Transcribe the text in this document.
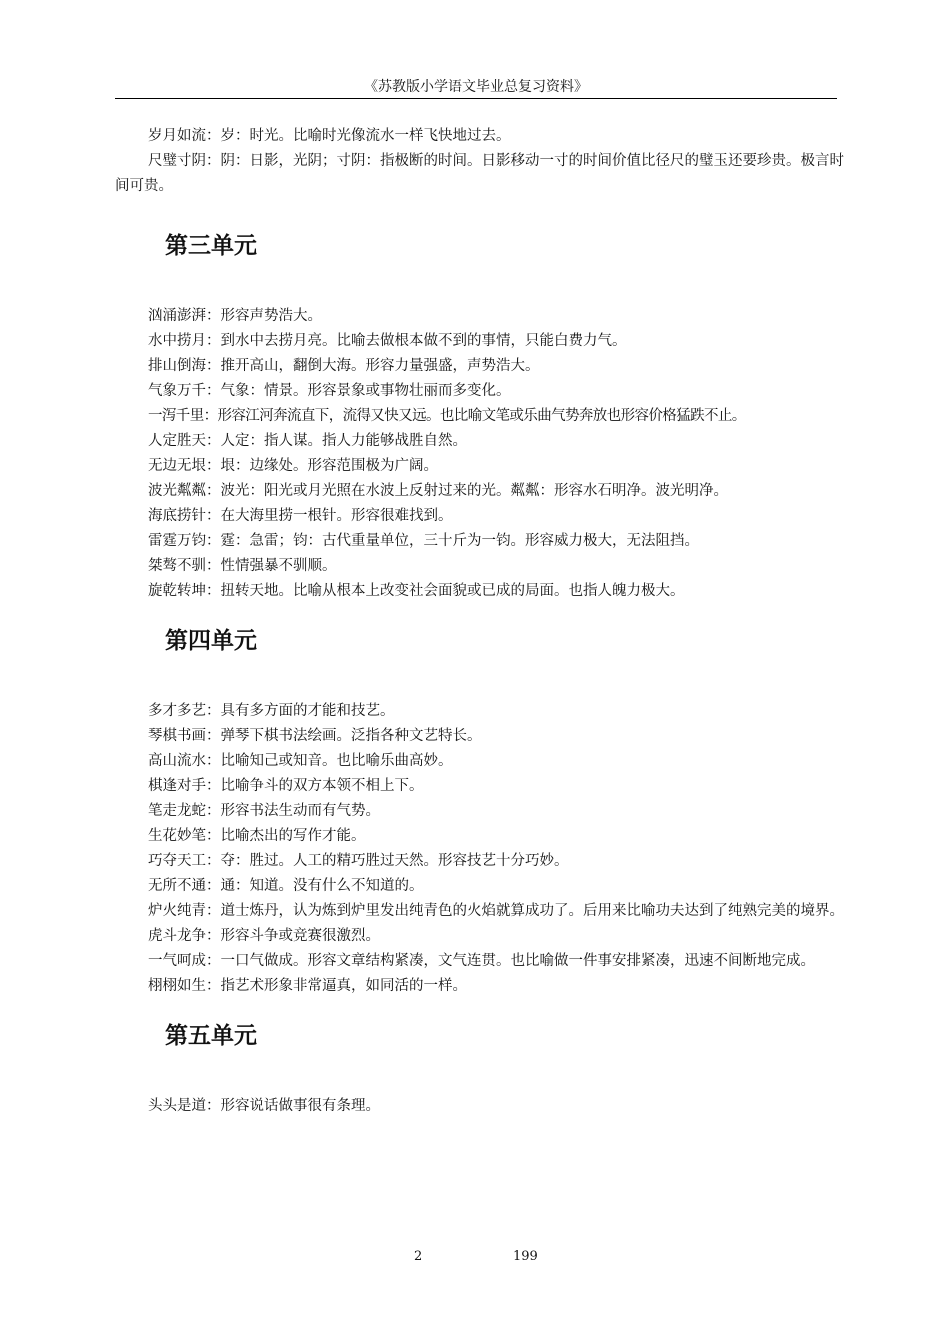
《苏教版小学语文毕业总复习资料》

岁月如流：岁：时光。比喻时光像流水一样飞快地过去。

尺璧寸阴：阴：日影，光阴；寸阴：指极断的时间。日影移动一寸的时间价值比径尺的璧玉还要珍贵。极言时间可贵。

第三单元

汹涌澎湃：形容声势浩大。

水中捞月：到水中去捞月亮。比喻去做根本做不到的事情，只能白费力气。

排山倒海：推开高山，翻倒大海。形容力量强盛，声势浩大。

气象万千：气象：情景。形容景象或事物壮丽而多变化。

一泻千里：形容江河奔流直下，流得又快又远。也比喻文笔或乐曲气势奔放也形容价格猛跌不止。

人定胜天：人定：指人谋。指人力能够战胜自然。

无边无垠：垠：边缘处。形容范围极为广阔。

波光粼粼：波光：阳光或月光照在水波上反射过来的光。粼粼：形容水石明净。波光明净。

海底捞针：在大海里捞一根针。形容很难找到。

雷霆万钧：霆：急雷；钧：古代重量单位，三十斤为一钧。形容威力极大，无法阻挡。

桀骜不驯：性情强暴不驯顺。

旋乾转坤：扭转天地。比喻从根本上改变社会面貌或已成的局面。也指人魄力极大。

第四单元

多才多艺：具有多方面的才能和技艺。

琴棋书画：弹琴下棋书法绘画。泛指各种文艺特长。

高山流水：比喻知己或知音。也比喻乐曲高妙。

棋逢对手：比喻争斗的双方本领不相上下。

笔走龙蛇：形容书法生动而有气势。

生花妙笔：比喻杰出的写作才能。

巧夺天工：夺：胜过。人工的精巧胜过天然。形容技艺十分巧妙。

无所不通：通：知道。没有什么不知道的。

炉火纯青：道士炼丹，认为炼到炉里发出纯青色的火焰就算成功了。后用来比喻功夫达到了纯熟完美的境界。

虎斗龙争：形容斗争或竞赛很激烈。

一气呵成：一口气做成。形容文章结构紧凑，文气连贯。也比喻做一件事安排紧凑，迅速不间断地完成。

栩栩如生：指艺术形象非常逼真，如同活的一样。

第五单元

头头是道：形容说话做事很有条理。

2	199
